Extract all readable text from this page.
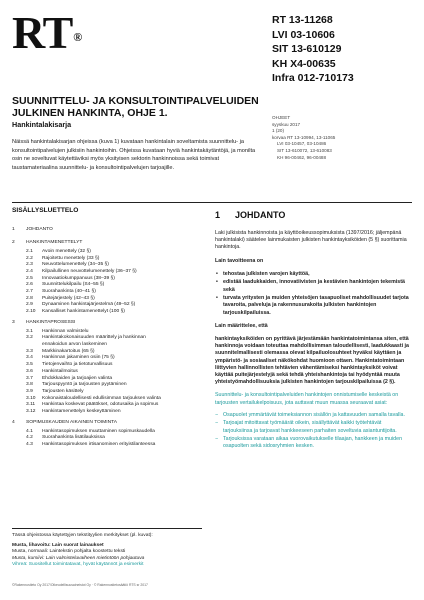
RT®
RT 13-11268
LVI 03-10606
SIT 13-610129
KH X4-00635
Infra 012-710173
OHJEET
syyskuu 2017
1 (20)
korvaa RT 13-10994, 13-11065
LVI 03-10457, 03-10486
SIT 13-610072, 13-610083
KH 96-00462, 96-00488
SUUNNITTELU- JA KONSULTOINTIPALVELUIDEN JULKINEN HANKINTA, OHJE 1.
Hankintalakisarja
Näissä hankintalakisarjan ohjeissa (kuva 1) kuvataan hankintalain soveltamista suunnittelu- ja konsultointipalvelujen julkisiin hankintoihin. Ohjeissa kuvataan hyviä hankintakäytäntöjä, ja monilta osin ne soveltuvat käytettäviksi myös yksityisen sektorin hankinnoissa sekä toimivat taustamateriaalina suunnittelu- ja konsultointipalvelujen tarjoajille.
SISÄLLYSLUETTELO
1	JOHDANTO
2	HANKINTAMENETTELYT
2.1	Avoin menettely (32 §)
2.2	Rajoitettu menettely (33 §)
2.3	Neuvottelumenettely (34–35 §)
2.4	Kilpailullinen neuvottelumenettely (36–37 §)
2.5	Innovaatiokumppanuus (38–39 §)
2.6	Suunnittelukilpailu (S4–55 §)
2.7	Suorahankinta (40–41 §)
2.8	Puitejärjestely (42–43 §)
2.9	Dynaaminen hankintajärjestelmä (49–52 §)
2.10	Kansalliset hankintamenettelyt (100 §)
3	HANKINTAPROSESSI
3.1	Hankinnan valmistelu
3.2	Hankintakokonaisuuden määrittely ja hankinnan
ennakoidun arvon laskeminen
3.3	Markkinakartoitus (65 §)
3.4	Hankinnan jakaminen osiin (75 §)
3.5	Tietojenvaihto ja tietoturvallisuus
3.6	Hankintailmoitus
3.7	Ehdokkaiden ja tarjoajien valinta
3.8	Tarjouspyyntö ja tarjousten pyytäminen
3.9	Tarjousten käsittely
3.10	Kokonaistaloudellisesti edullisimman tarjouksen valinta
3.11	Hankintaa koskevat päätökset, odotusaika ja sopimus
3.12	Hankintamenettelyn keskeyttäminen
4	SOPIMUSKAUDEN AIKAINEN TOIMINTA
4.1	Hankintasopimuksen muuttaminen sopimuskaudella
4.2	Suorahankinta lisätilauksissa
4.3	Hankintasopimuksen irtisanominen erityistilanteessa
Tässä ohjeistossa käytettyjen tekstityylien merkitykset (pl. kuvat):
Musta, lihavoitu: Lain suorat lainaukset
Musta, normaali: Laintekstin pohjalta koostettu teksti
Musta, kursiivi: Lain valmisteluvaiheen mietintöön pohjautuva
Vihreä: Suositellut toimintatavat, hyvät käytännöt ja esimerkit
©Rakennustieto Oy 2017/Oikeudellisuusaineistot Oy · © Rakennustietosäätiö RTS sr 2017
1 JOHDANTO

Laki julkisista hankinnoista ja käyttöoikeussopimuksista (1397/2016; jäljempänä hankintalaki) säätelee lainmukaisten julkisten hankintayksiköiden (5 §) suorittamia hankintoja.

Lain tavoitteena on

• tehostaa julkisten varojen käyttöä,
• edistää laadukkaiden, innovatiivisten ja kestävien hankintojen tekemistä sekä
• turvata yritysten ja muiden yhteisöjen tasapuoliset mahdollisuudet tarjota tavaroita, palveluja ja rakennusurakoita julkisten hankintojen tarjouskilpailuissa.

Lain määritteleе, että

hankintayksiköiden on pyrittävä järjestämään hankintatoimintansa siten, että hankinnoja voidaan toteuttaa mahdollisimman taloudellisesti, laadukkaasti ja suunnitelmallisesti olemassa olevat kilpailuolosuhteet hyväksi käyttäen ja ympäristö- ja sosiaaliset näkökohdat huomioon ottaen. Hankintatoimintaan liittyvien hallinnollisten tehtävien vähentämiseksi hankintayksiköt voivat käyttää puitejärjestelyjä sekä tehdä yhteishankintoja tai hyödyntää muuta yhteistyömahdollisuuksia julkisten hankintojen tarjouskilpailuissa (2 §).

Suunnittelu- ja konsultointipalveluiden hankintojen onnistumiselle keskeistä on tarjousten vertailukelpoisuus, jota auttavat muun muassa seuraavat asiat:

− Osapuolet ymmärtävät toimeksiannon sisällön ja kattavuuden samalla tavalla.
− Tarjoajat mitoittavat työmäärät oikein, sisällyttävät kaikki työtehtävät tarjouksiinsa ja tarjoavat hankkeeseen parhaiten soveltuvia asiantuntijoita.
− Tarjouksissa varataan aikaa vuorovaikutukselle tilaajan, hankkeen ja muiden osapuolten sekä sidosryhmien kesken.
